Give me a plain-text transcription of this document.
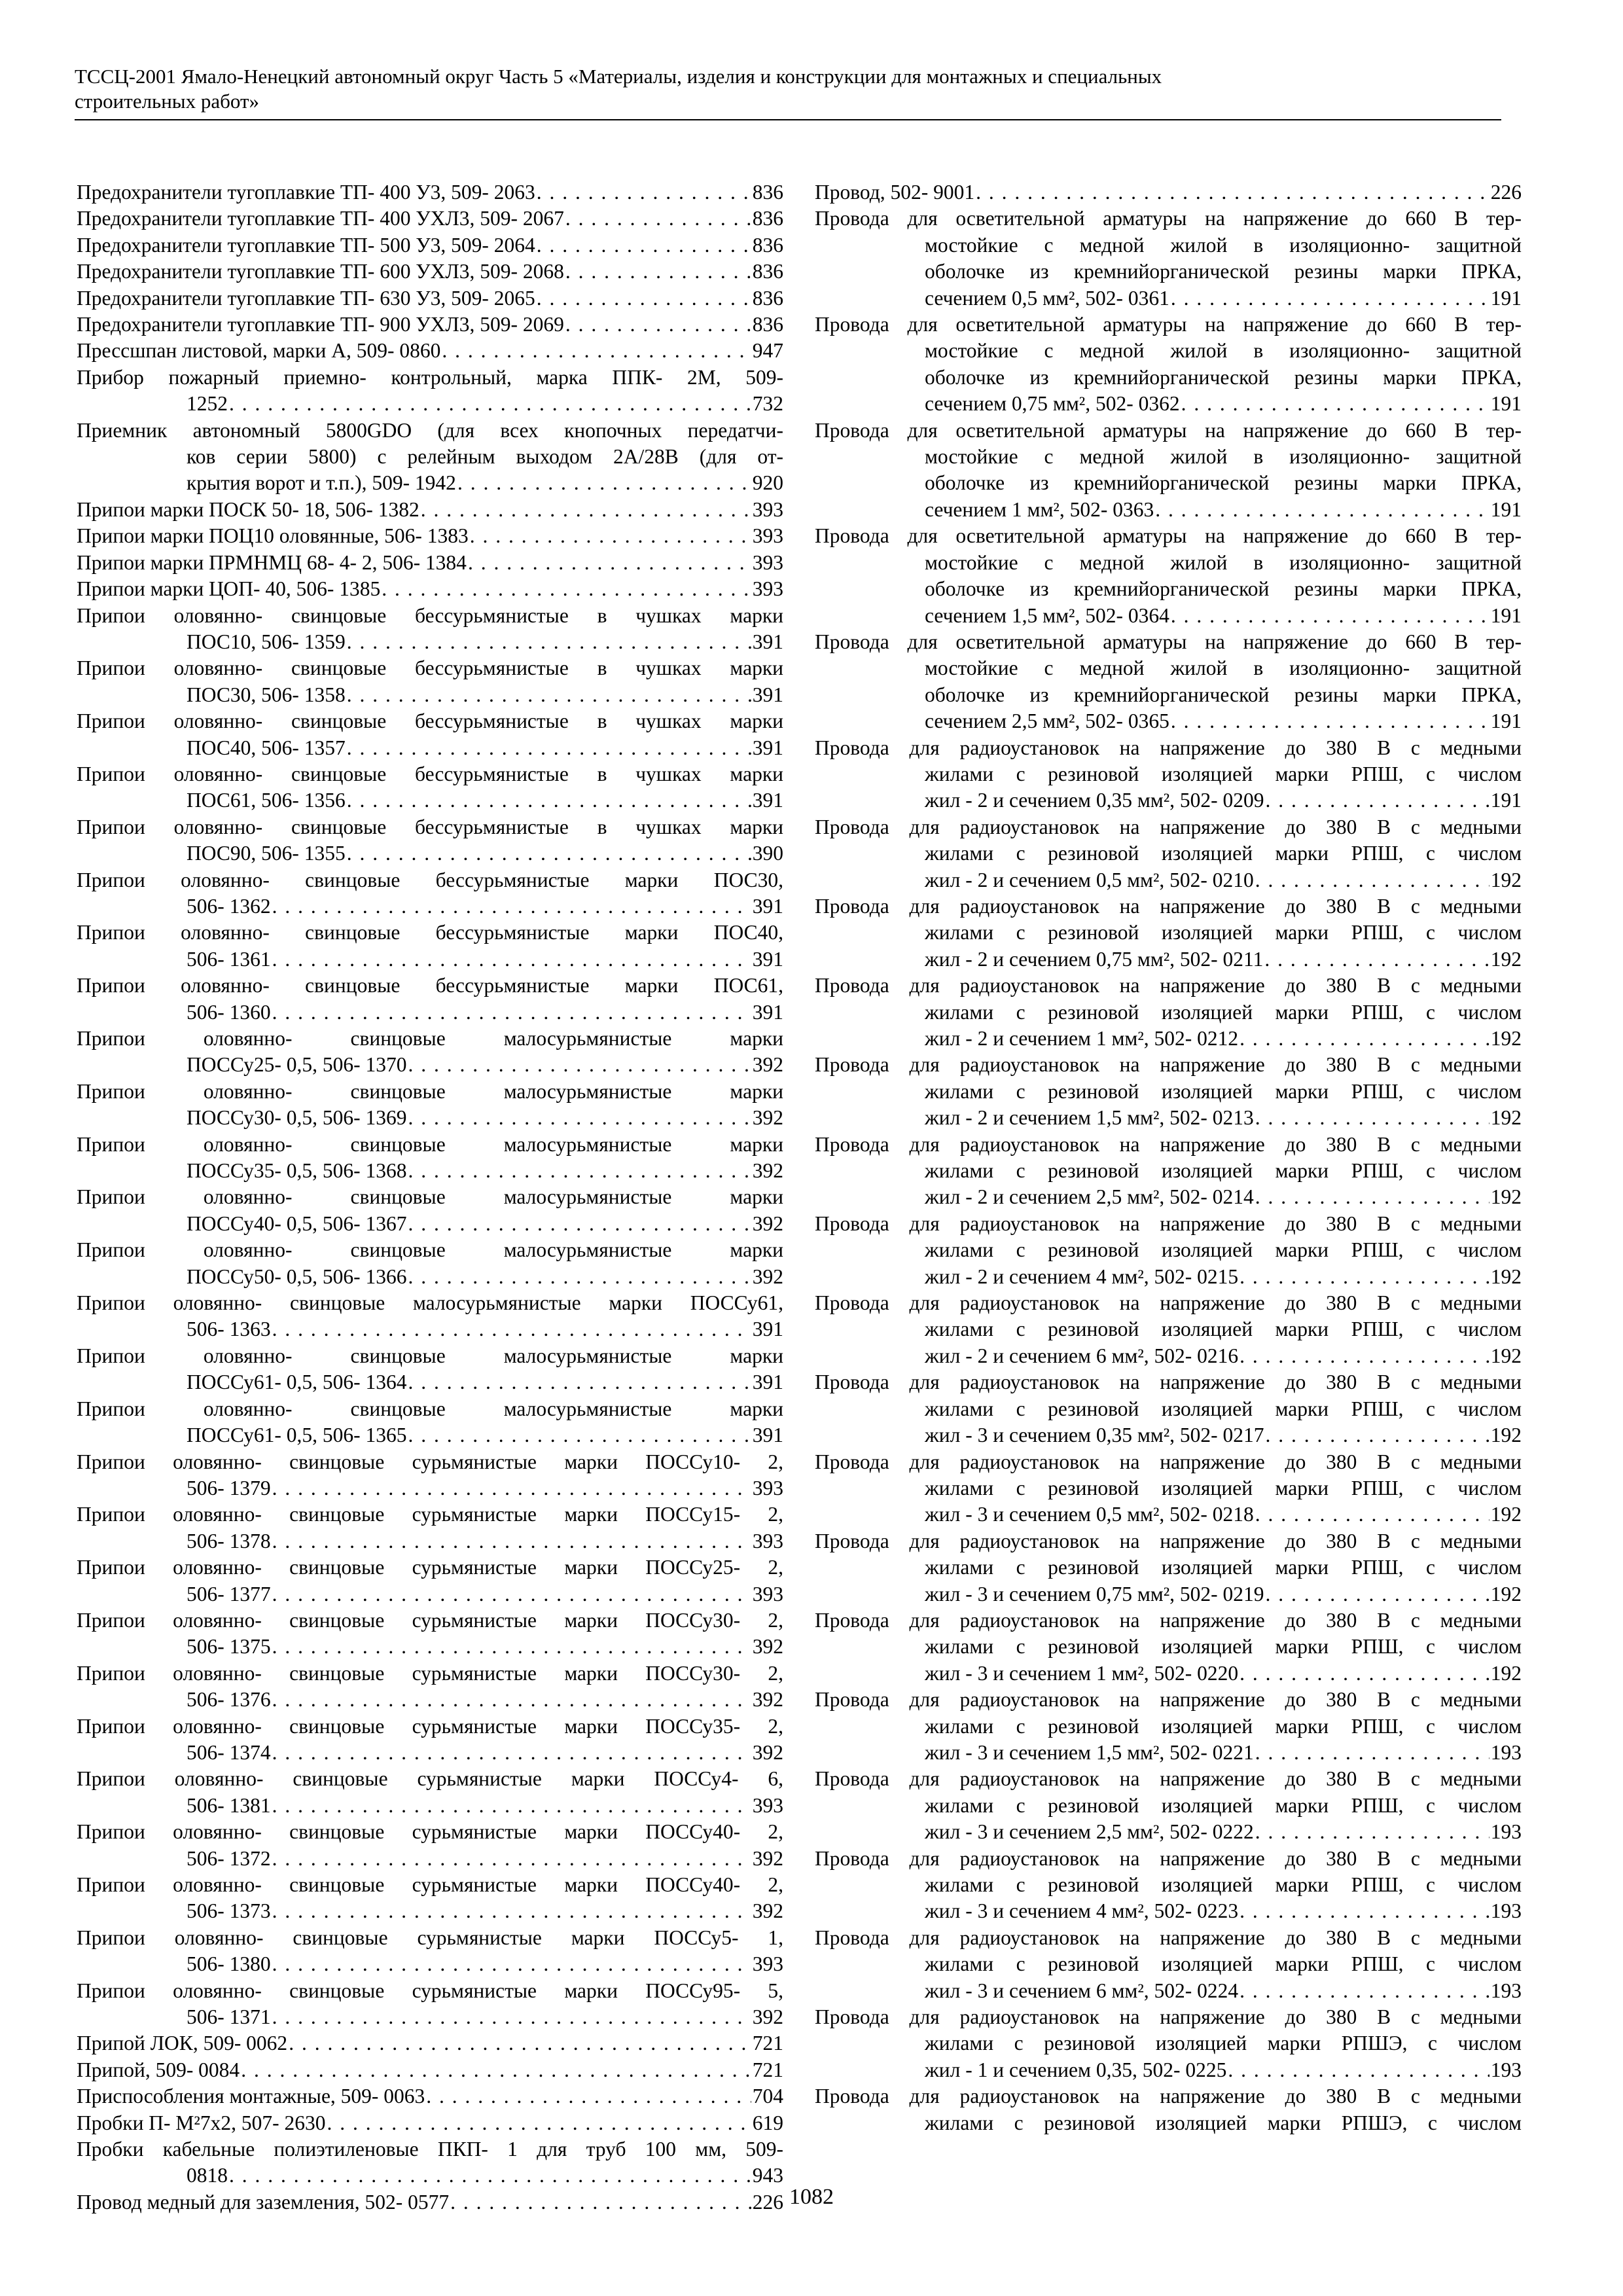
ТССЦ-2001 Ямало-Ненецкий автономный округ Часть 5 «Материалы, изделия и конструкции для монтажных и специальных
строительных работ»
Предохранители тугоплавкие ТП- 400 У3, 509- 2063 . . .	836
Предохранители тугоплавкие ТП- 400 УХЛ3, 509- 2067 . . .	836
Предохранители тугоплавкие ТП- 500 У3, 509- 2064 . . .	836
Предохранители тугоплавкие ТП- 600 УХЛ3, 509- 2068 . . .	836
Предохранители тугоплавкие ТП- 630 У3, 509- 2065 . . .	836
Предохранители тугоплавкие ТП- 900 УХЛ3, 509- 2069 . . .	836
Прессшпан листовой, марки А, 509- 0860 . . .	947
Прибор пожарный приемно- контрольный, марка ППК- 2М, 509-
1252 . . .	732
Приемник автономный 5800GDO (для всех кнопочных передатчи-
ков серии 5800) с релейным выходом 2А/28В (для от-
крытия ворот и т.п.), 509- 1942 . . .	920
Припои марки ПОСК 50- 18, 506- 1382 . . .	393
Припои марки ПОЦ10 оловянные, 506- 1383 . . .	393
Припои марки ПРМНМЦ 68- 4- 2, 506- 1384 . . .	393
Припои марки ЦОП- 40, 506- 1385 . . .	393
Припои оловянно- свинцовые бессурьмянистые в чушках марки
ПОС10, 506- 1359 . . .	391
Припои оловянно- свинцовые бессурьмянистые в чушках марки
ПОС30, 506- 1358 . . .	391
Припои оловянно- свинцовые бессурьмянистые в чушках марки
ПОС40, 506- 1357 . . .	391
Припои оловянно- свинцовые бессурьмянистые в чушках марки
ПОС61, 506- 1356 . . .	391
Припои оловянно- свинцовые бессурьмянистые в чушках марки
ПОС90, 506- 1355 . . .	390
Припои оловянно- свинцовые бессурьмянистые марки ПОС30,
506- 1362 . . .	391
Припои оловянно- свинцовые бессурьмянистые марки ПОС40,
506- 1361 . . .	391
Припои оловянно- свинцовые бессурьмянистые марки ПОС61,
506- 1360 . . .	391
Припои оловянно- свинцовые малосурьмянистые марки
ПОССу25- 0,5, 506- 1370 . . .	392
Припои оловянно- свинцовые малосурьмянистые марки
ПОССу30- 0,5, 506- 1369 . . .	392
Припои оловянно- свинцовые малосурьмянистые марки
ПОССу35- 0,5, 506- 1368 . . .	392
Припои оловянно- свинцовые малосурьмянистые марки
ПОССу40- 0,5, 506- 1367 . . .	392
Припои оловянно- свинцовые малосурьмянистые марки
ПОССу50- 0,5, 506- 1366 . . .	392
Припои оловянно- свинцовые малосурьмянистые марки ПОССу61,
506- 1363 . . .	391
Припои оловянно- свинцовые малосурьмянистые марки
ПОССу61- 0,5, 506- 1364 . . .	391
Припои оловянно- свинцовые малосурьмянистые марки
ПОССу61- 0,5, 506- 1365 . . .	391
Припои оловянно- свинцовые сурьмянистые марки ПОССу10- 2,
506- 1379 . . .	393
Припои оловянно- свинцовые сурьмянистые марки ПОССу15- 2,
506- 1378 . . .	393
Припои оловянно- свинцовые сурьмянистые марки ПОССу25- 2,
506- 1377 . . .	393
Припои оловянно- свинцовые сурьмянистые марки ПОССу30- 2,
506- 1375 . . .	392
Припои оловянно- свинцовые сурьмянистые марки ПОССу30- 2,
506- 1376 . . .	392
Припои оловянно- свинцовые сурьмянистые марки ПОССу35- 2,
506- 1374 . . .	392
Припои оловянно- свинцовые сурьмянистые марки ПОССу4- 6,
506- 1381 . . .	393
Припои оловянно- свинцовые сурьмянистые марки ПОССу40- 2,
506- 1372 . . .	392
Припои оловянно- свинцовые сурьмянистые марки ПОССу40- 2,
506- 1373 . . .	392
Припои оловянно- свинцовые сурьмянистые марки ПОССу5- 1,
506- 1380 . . .	393
Припои оловянно- свинцовые сурьмянистые марки ПОССу95- 5,
506- 1371 . . .	392
Припой ЛОК, 509- 0062 . . .	721
Припой, 509- 0084 . . .	721
Приспособления монтажные, 509- 0063 . . .	704
Пробки П- М²7х2, 507- 2630 . . .	619
Пробки кабельные полиэтиленовые ПКП- 1 для труб 100 мм, 509-
0818 . . .	943
Провод медный для заземления, 502- 0577 . . .	226
Провод, 502- 9001 . . .	226
Провода для осветительной арматуры на напряжение до 660 В тер-
мостойкие с медной жилой в изоляционно- защитной
оболочке из кремнийорганической резины марки ПРКА,
сечением 0,5 мм², 502- 0361 . . .	191
Провода для осветительной арматуры на напряжение до 660 В тер-
мостойкие с медной жилой в изоляционно- защитной
оболочке из кремнийорганической резины марки ПРКА,
сечением 0,75 мм², 502- 0362 . . .	191
Провода для осветительной арматуры на напряжение до 660 В тер-
мостойкие с медной жилой в изоляционно- защитной
оболочке из кремнийорганической резины марки ПРКА,
сечением 1 мм², 502- 0363 . . .	191
Провода для осветительной арматуры на напряжение до 660 В тер-
мостойкие с медной жилой в изоляционно- защитной
оболочке из кремнийорганической резины марки ПРКА,
сечением 1,5 мм², 502- 0364 . . .	191
Провода для осветительной арматуры на напряжение до 660 В тер-
мостойкие с медной жилой в изоляционно- защитной
оболочке из кремнийорганической резины марки ПРКА,
сечением 2,5 мм², 502- 0365 . . .	191
Провода для радиоустановок на напряжение до 380 В с медными
жилами с резиновой изоляцией марки РПШ, с числом
жил - 2 и сечением 0,35 мм², 502- 0209 . . .	191
Провода для радиоустановок на напряжение до 380 В с медными
жилами с резиновой изоляцией марки РПШ, с числом
жил - 2 и сечением 0,5 мм², 502- 0210 . . .	192
Провода для радиоустановок на напряжение до 380 В с медными
жилами с резиновой изоляцией марки РПШ, с числом
жил - 2 и сечением 0,75 мм², 502- 0211 . . .	192
Провода для радиоустановок на напряжение до 380 В с медными
жилами с резиновой изоляцией марки РПШ, с числом
жил - 2 и сечением 1 мм², 502- 0212 . . .	192
Провода для радиоустановок на напряжение до 380 В с медными
жилами с резиновой изоляцией марки РПШ, с числом
жил - 2 и сечением 1,5 мм², 502- 0213 . . .	192
Провода для радиоустановок на напряжение до 380 В с медными
жилами с резиновой изоляцией марки РПШ, с числом
жил - 2 и сечением 2,5 мм², 502- 0214 . . .	192
Провода для радиоустановок на напряжение до 380 В с медными
жилами с резиновой изоляцией марки РПШ, с числом
жил - 2 и сечением 4 мм², 502- 0215 . . .	192
Провода для радиоустановок на напряжение до 380 В с медными
жилами с резиновой изоляцией марки РПШ, с числом
жил - 2 и сечением 6 мм², 502- 0216 . . .	192
Провода для радиоустановок на напряжение до 380 В с медными
жилами с резиновой изоляцией марки РПШ, с числом
жил - 3 и сечением 0,35 мм², 502- 0217 . . .	192
Провода для радиоустановок на напряжение до 380 В с медными
жилами с резиновой изоляцией марки РПШ, с числом
жил - 3 и сечением 0,5 мм², 502- 0218 . . .	192
Провода для радиоустановок на напряжение до 380 В с медными
жилами с резиновой изоляцией марки РПШ, с числом
жил - 3 и сечением 0,75 мм², 502- 0219 . . .	192
Провода для радиоустановок на напряжение до 380 В с медными
жилами с резиновой изоляцией марки РПШ, с числом
жил - 3 и сечением 1 мм², 502- 0220 . . .	192
Провода для радиоустановок на напряжение до 380 В с медными
жилами с резиновой изоляцией марки РПШ, с числом
жил - 3 и сечением 1,5 мм², 502- 0221 . . .	193
Провода для радиоустановок на напряжение до 380 В с медными
жилами с резиновой изоляцией марки РПШ, с числом
жил - 3 и сечением 2,5 мм², 502- 0222 . . .	193
Провода для радиоустановок на напряжение до 380 В с медными
жилами с резиновой изоляцией марки РПШ, с числом
жил - 3 и сечением 4 мм², 502- 0223 . . .	193
Провода для радиоустановок на напряжение до 380 В с медными
жилами с резиновой изоляцией марки РПШ, с числом
жил - 3 и сечением 6 мм², 502- 0224 . . .	193
Провода для радиоустановок на напряжение до 380 В с медными
жилами с резиновой изоляцией марки РПШЭ, с числом
жил - 1 и сечением 0,35, 502- 0225 . . .	193
Провода для радиоустановок на напряжение до 380 В с медными
жилами с резиновой изоляцией марки РПШЭ, с числом
1082
